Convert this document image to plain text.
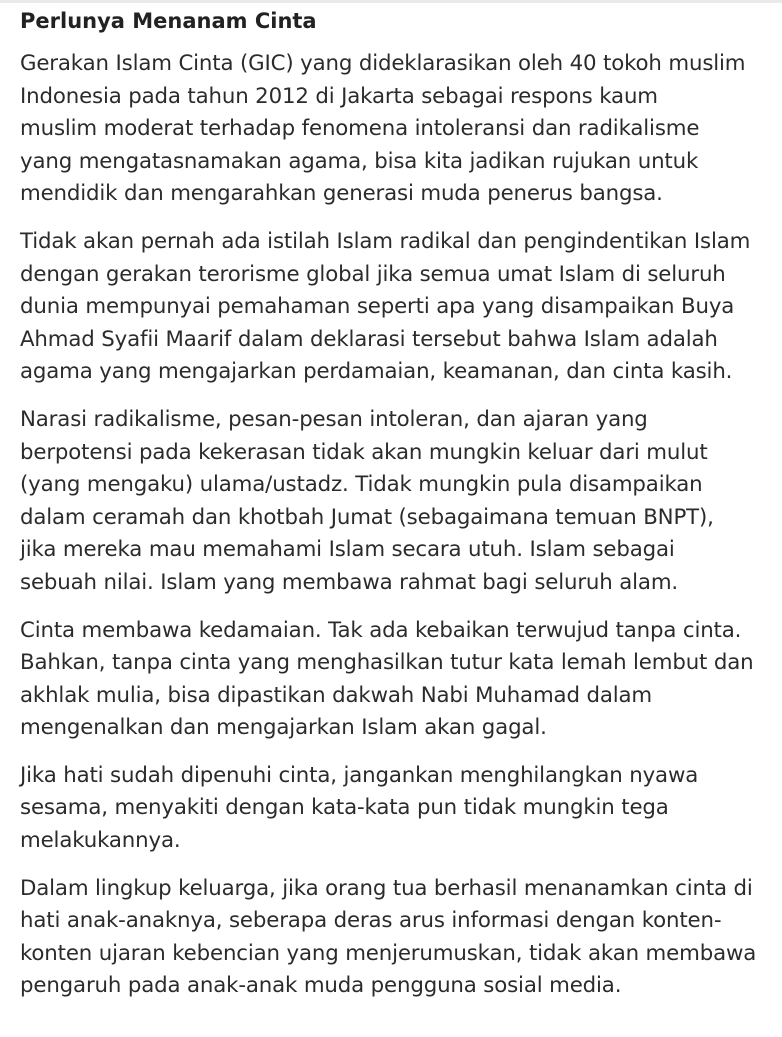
Perlunya Menanam Cinta

Gerakan Islam Cinta (GIC) yang dideklarasikan oleh 40 tokoh muslim
Indonesia pada tahun 2012 di Jakarta sebagai respons kaum
muslim moderat terhadap fenomena intoleransi dan radikalisme
yang mengatasnamakan agama, bisa kita jadikan rujukan untuk
mendidik dan mengarahkan generasi muda penerus bangsa.

Tidak akan pernah ada istilah Islam radikal dan pengindentikan Islam
dengan gerakan terorisme global jika semua umat Islam di seluruh
dunia mempunyai pemahaman seperti apa yang disampaikan Buya
Ahmad Syafii Maarif dalam deklarasi tersebut bahwa Islam adalah
agama yang mengajarkan perdamaian, keamanan, dan cinta kasih.

Narasi radikalisme, pesan-pesan intoleran, dan ajaran yang
berpotensi pada kekerasan tidak akan mungkin keluar dari mulut
(yang mengaku) ulama/ustadz. Tidak mungkin pula disampaikan
dalam ceramah dan khotbah Jumat (sebagaimana temuan BNPT),
jika mereka mau memahami Islam secara utuh. Islam sebagai
sebuah nilai. Islam yang membawa rahmat bagi seluruh alam.

Cinta membawa kedamaian. Tak ada kebaikan terwujud tanpa cinta.
Bahkan, tanpa cinta yang menghasilkan tutur kata lemah lembut dan
akhlak mulia, bisa dipastikan dakwah Nabi Muhamad dalam
mengenalkan dan mengajarkan Islam akan gagal.

Jika hati sudah dipenuhi cinta, jangankan menghilangkan nyawa
sesama, menyakiti dengan kata-kata pun tidak mungkin tega
melakukannya.

Dalam lingkup keluarga, jika orang tua berhasil menanamkan cinta di
hati anak-anaknya, seberapa deras arus informasi dengan konten-
konten ujaran kebencian yang menjerumuskan, tidak akan membawa
pengaruh pada anak-anak muda pengguna sosial media.
